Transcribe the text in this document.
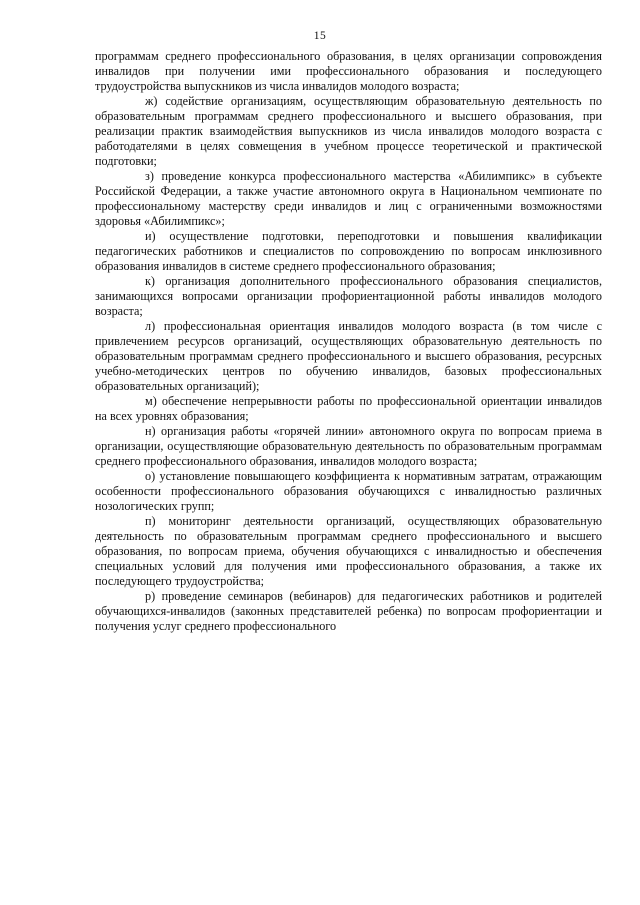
15

программам среднего профессионального образования, в целях организации сопровождения инвалидов при получении ими профессионального образования и последующего трудоустройства выпускников из числа инвалидов молодого возраста;

ж) содействие организациям, осуществляющим образовательную деятельность по образовательным программам среднего профессионального и высшего образования, при реализации практик взаимодействия выпускников из числа инвалидов молодого возраста с работодателями в целях совмещения в учебном процессе теоретической и практической подготовки;

з) проведение конкурса профессионального мастерства «Абилимпикс» в субъекте Российской Федерации, а также участие автономного округа в Национальном чемпионате по профессиональному мастерству среди инвалидов и лиц с ограниченными возможностями здоровья «Абилимпикс»;

и) осуществление подготовки, переподготовки и повышения квалификации педагогических работников и специалистов по сопровождению по вопросам инклюзивного образования инвалидов в системе среднего профессионального образования;

к) организация дополнительного профессионального образования специалистов, занимающихся вопросами организации профориентационной работы инвалидов молодого возраста;

л) профессиональная ориентация инвалидов молодого возраста (в том числе с привлечением ресурсов организаций, осуществляющих образовательную деятельность по образовательным программам среднего профессионального и высшего образования, ресурсных учебно-методических центров по обучению инвалидов, базовых профессиональных образовательных организаций);

м) обеспечение непрерывности работы по профессиональной ориентации инвалидов на всех уровнях образования;

н) организация работы «горячей линии» автономного округа по вопросам приема в организации, осуществляющие образовательную деятельность по образовательным программам среднего профессионального образования, инвалидов молодого возраста;

о) установление повышающего коэффициента к нормативным затратам, отражающим особенности профессионального образования обучающихся с инвалидностью различных нозологических групп;

п) мониторинг деятельности организаций, осуществляющих образовательную деятельность по образовательным программам среднего профессионального и высшего образования, по вопросам приема, обучения обучающихся с инвалидностью и обеспечения специальных условий для получения ими профессионального образования, а также их последующего трудоустройства;

р) проведение семинаров (вебинаров) для педагогических работников и родителей обучающихся-инвалидов (законных представителей ребенка) по вопросам профориентации и получения услуг среднего профессионального
